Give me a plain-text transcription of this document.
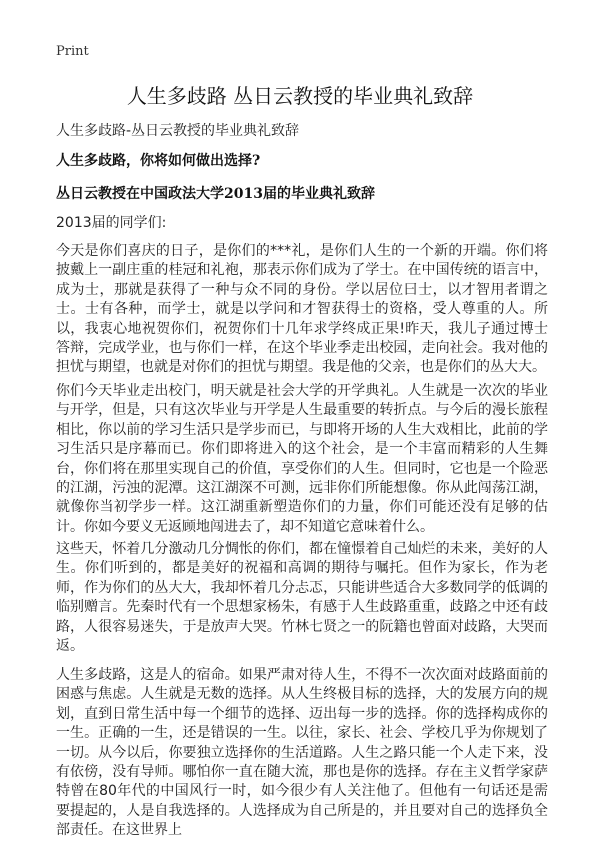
Print
人生多歧路 丛日云教授的毕业典礼致辞
人生多歧路-丛日云教授的毕业典礼致辞
人生多歧路，你将如何做出选择?
丛日云教授在中国政法大学2013届的毕业典礼致辞
2013届的同学们:

今天是你们喜庆的日子，是你们的***礼，是你们人生的一个新的开端。你们将披戴上一副庄重的桂冠和礼袍，那表示你们成为了学士。在中国传统的语言中，成为士，那就是获得了一种与众不同的身份。学以居位曰士，以才智用者谓之士。士有各种，而学士，就是以学问和才智获得士的资格，受人尊重的人。所以，我衷心地祝贺你们，祝贺你们十几年求学终成正果!昨天，我儿子通过博士答辩，完成学业，也与你们一样，在这个毕业季走出校园，走向社会。我对他的担忧与期望，也就是对你们的担忧与期望。我是他的父亲，也是你们的丛大大。

你们今天毕业走出校门，明天就是社会大学的开学典礼。人生就是一次次的毕业与开学，但是，只有这次毕业与开学是人生最重要的转折点。与今后的漫长旅程相比，你以前的学习生活只是学步而已，与即将开场的人生大戏相比，此前的学习生活只是序幕而已。你们即将进入的这个社会，是一个丰富而精彩的人生舞台，你们将在那里实现自己的价值，享受你们的人生。但同时，它也是一个险恶的江湖，污浊的泥潭。这江湖深不可测，远非你们所能想像。你从此闯荡江湖，就像你当初学步一样。这江湖重新塑造你们的力量，你们可能还没有足够的估计。你如今要义无返顾地闯进去了，却不知道它意味着什么。

这些天，怀着几分激动几分惆怅的你们，都在憧憬着自己灿烂的未来，美好的人生。你们听到的，都是美好的祝福和高调的期待与嘱托。但作为家长，作为老师，作为你们的丛大大，我却怀着几分忐忑，只能讲些适合大多数同学的低调的临别赠言。先秦时代有一个思想家杨朱，有感于人生歧路重重，歧路之中还有歧路，人很容易迷失，于是放声大哭。竹林七贤之一的阮籍也曾面对歧路，大哭而返。

人生多歧路，这是人的宿命。如果严肃对待人生，不得不一次次面对歧路面前的困惑与焦虑。人生就是无数的选择。从人生终极目标的选择，大的发展方向的规划，直到日常生活中每一个细节的选择、迈出每一步的选择。你的选择构成你的一生。正确的一生，还是错误的一生。以往，家长、社会、学校几乎为你规划了一切。从今以后，你要独立选择你的生活道路。人生之路只能一个人走下来，没有依傍，没有导师。哪怕你一直在随大流，那也是你的选择。存在主义哲学家萨特曾在80年代的中国风行一时，如今很少有人关注他了。但他有一句话还是需要提起的，人是自我选择的。人选择成为自己所是的，并且要对自己的选择负全部责任。在这世界上
